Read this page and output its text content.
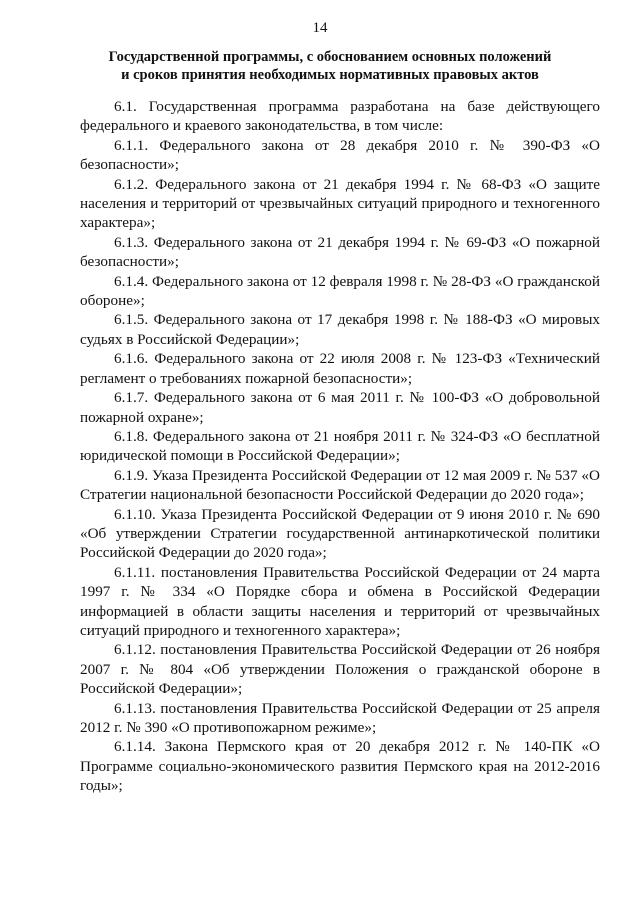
14
Государственной программы, с обоснованием основных положений
и сроков принятия необходимых нормативных правовых актов

6.1. Государственная программа разработана на базе действующего федерального и краевого законодательства, в том числе:

6.1.1. Федерального закона от 28 декабря 2010 г. № 390-ФЗ «О безопасности»;

6.1.2. Федерального закона от 21 декабря 1994 г. № 68-ФЗ «О защите населения и территорий от чрезвычайных ситуаций природного и техногенного характера»;

6.1.3. Федерального закона от 21 декабря 1994 г. № 69-ФЗ «О пожарной безопасности»;

6.1.4. Федерального закона от 12 февраля 1998 г. № 28-ФЗ «О гражданской обороне»;

6.1.5. Федерального закона от 17 декабря 1998 г. № 188-ФЗ «О мировых судьях в Российской Федерации»;

6.1.6. Федерального закона от 22 июля 2008 г. № 123-ФЗ «Технический регламент о требованиях пожарной безопасности»;

6.1.7. Федерального закона от 6 мая 2011 г. № 100-ФЗ «О добровольной пожарной охране»;

6.1.8. Федерального закона от 21 ноября 2011 г. № 324-ФЗ «О бесплатной юридической помощи в Российской Федерации»;

6.1.9. Указа Президента Российской Федерации от 12 мая 2009 г. № 537 «О Стратегии национальной безопасности Российской Федерации до 2020 года»;

6.1.10. Указа Президента Российской Федерации от 9 июня 2010 г. № 690 «Об утверждении Стратегии государственной антинаркотической политики Российской Федерации до 2020 года»;

6.1.11. постановления Правительства Российской Федерации от 24 марта 1997 г. № 334 «О Порядке сбора и обмена в Российской Федерации информацией в области защиты населения и территорий от чрезвычайных ситуаций природного и техногенного характера»;

6.1.12. постановления Правительства Российской Федерации от 26 ноября 2007 г. № 804 «Об утверждении Положения о гражданской обороне в Российской Федерации»;

6.1.13. постановления Правительства Российской Федерации от 25 апреля 2012 г. № 390 «О противопожарном режиме»;

6.1.14. Закона Пермского края от 20 декабря 2012 г. № 140-ПК «О Программе социально-экономического развития Пермского края на 2012-2016 годы»;
